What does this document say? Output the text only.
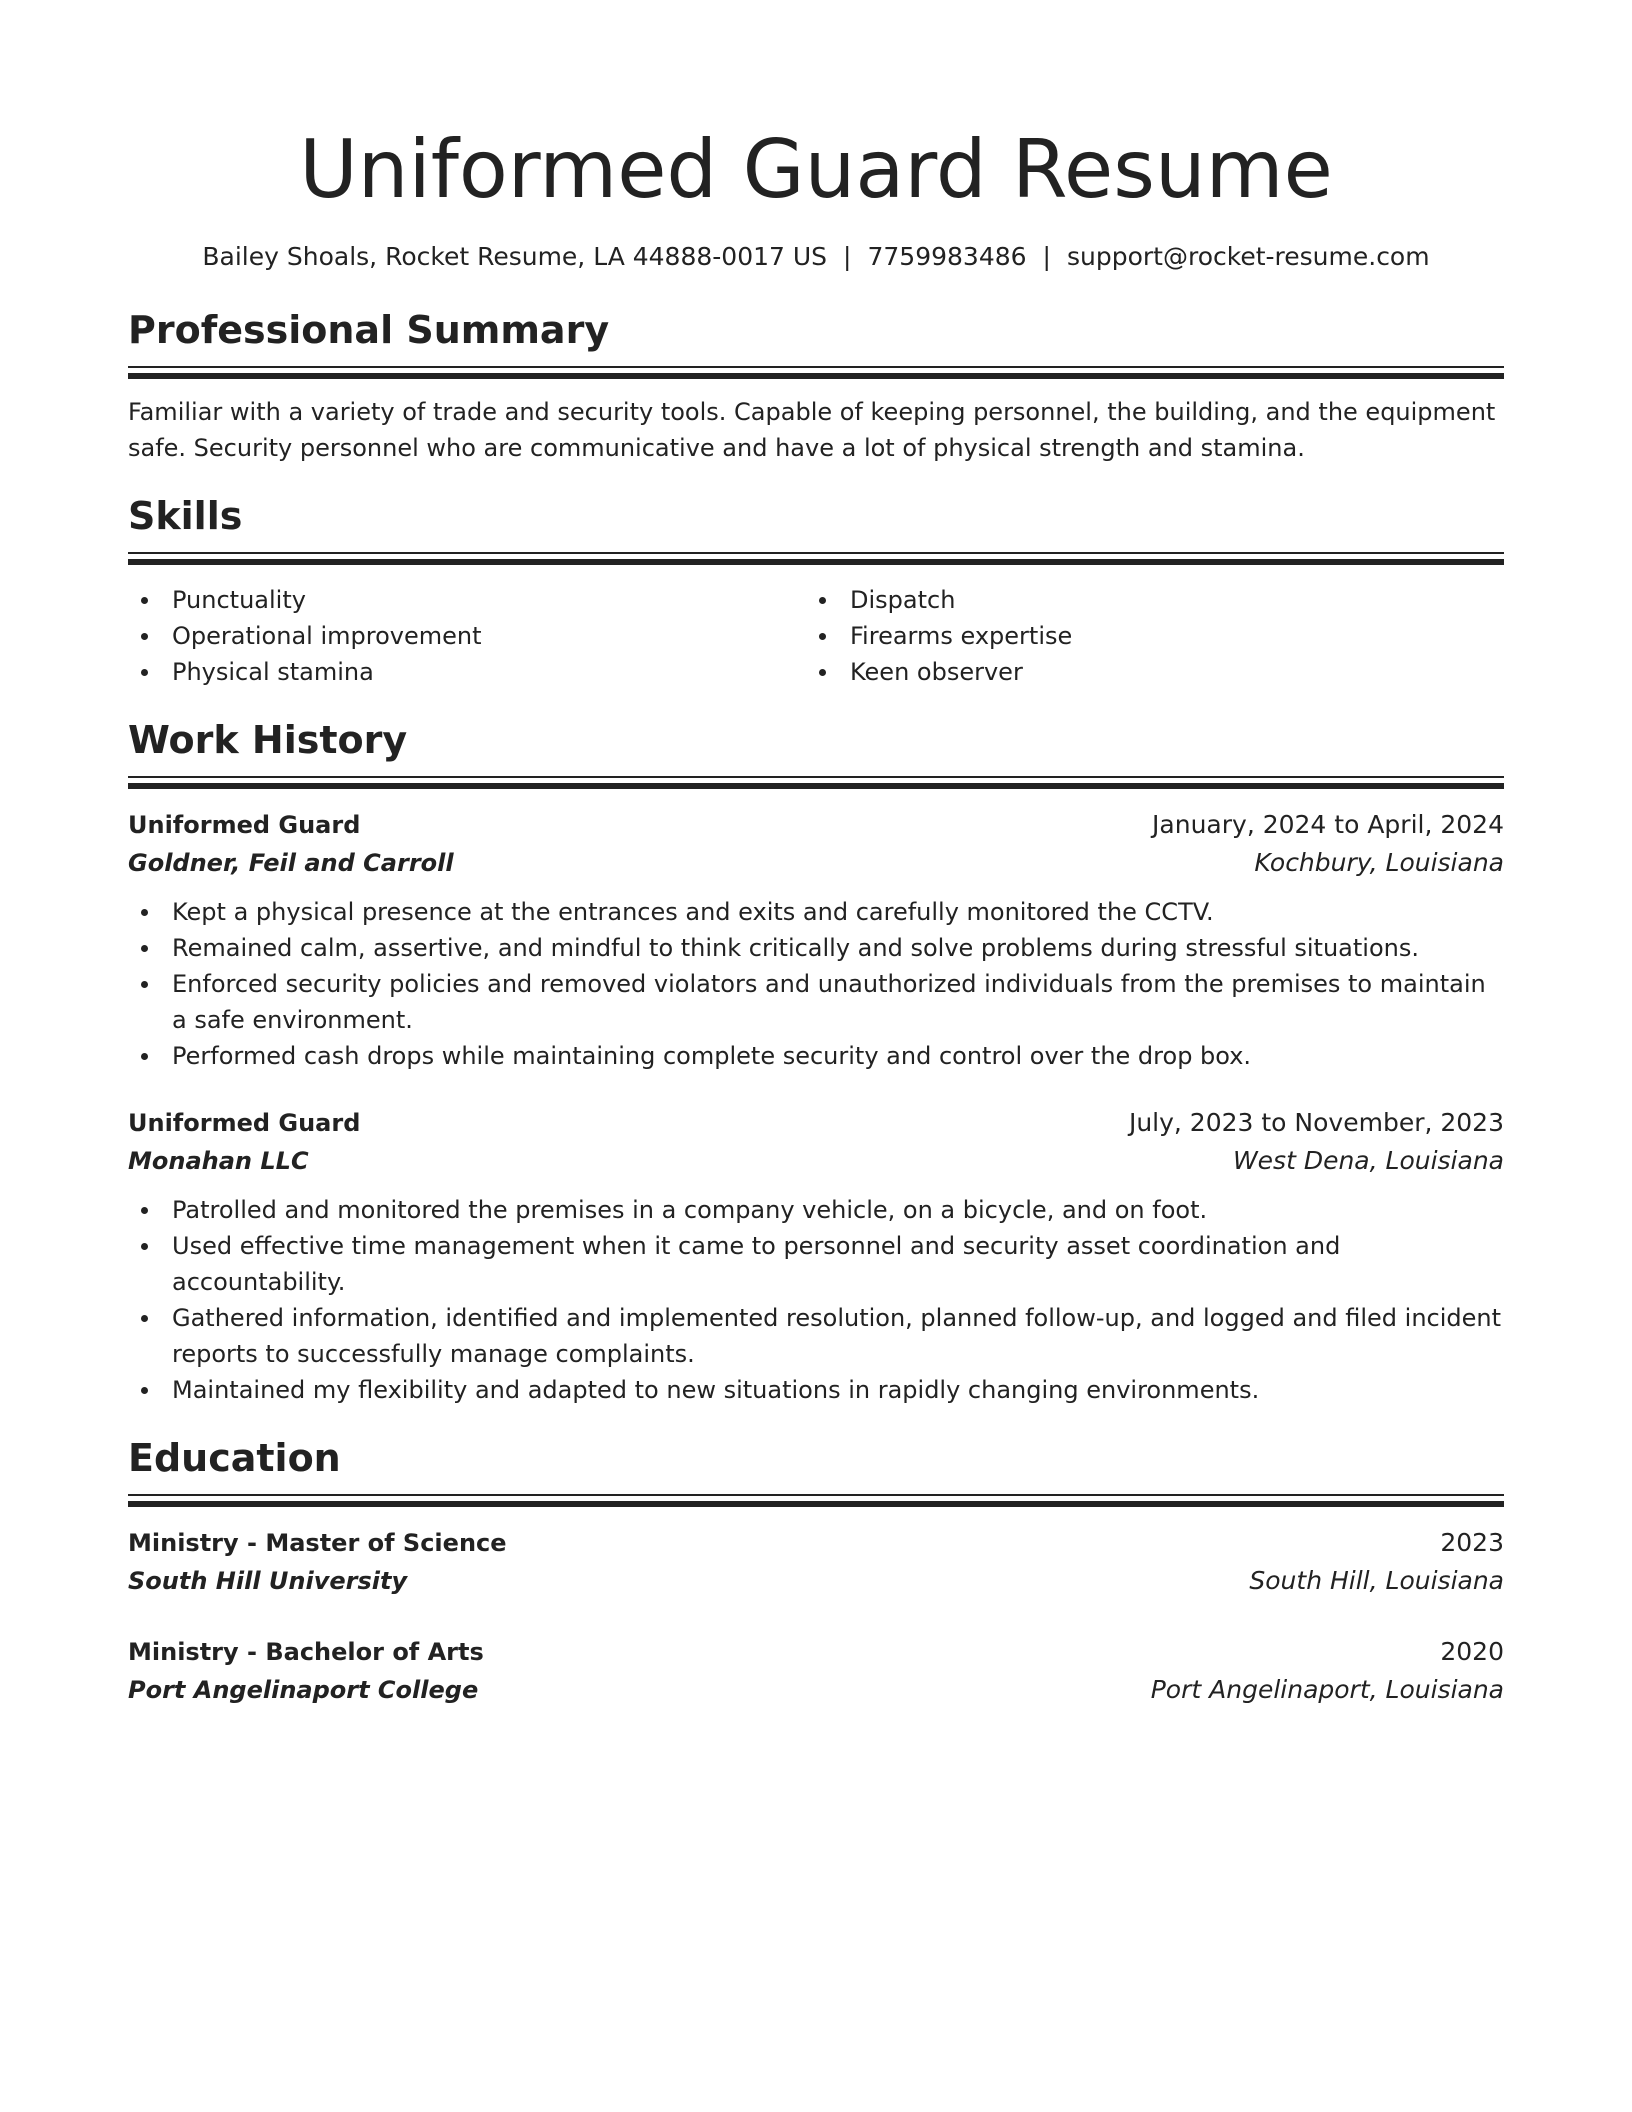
Uniformed Guard Resume
Bailey Shoals, Rocket Resume, LA 44888-0017 US | 7759983486 | support@rocket-resume.com
Professional Summary

Familiar with a variety of trade and security tools. Capable of keeping personnel, the building, and the equipment safe. Security personnel who are communicative and have a lot of physical strength and stamina.

Skills
Punctuality
Operational improvement
Physical stamina
Dispatch
Firearms expertise
Keen observer
Work History
Uniformed Guard	January, 2024 to April, 2024
Goldner, Feil and Carroll	Kochbury, Louisiana
Kept a physical presence at the entrances and exits and carefully monitored the CCTV.
Remained calm, assertive, and mindful to think critically and solve problems during stressful situations.
Enforced security policies and removed violators and unauthorized individuals from the premises to maintain a safe environment.
Performed cash drops while maintaining complete security and control over the drop box.
Uniformed Guard	July, 2023 to November, 2023
Monahan LLC	West Dena, Louisiana
Patrolled and monitored the premises in a company vehicle, on a bicycle, and on foot.
Used effective time management when it came to personnel and security asset coordination and accountability.
Gathered information, identified and implemented resolution, planned follow-up, and logged and filed incident reports to successfully manage complaints.
Maintained my flexibility and adapted to new situations in rapidly changing environments.
Education
Ministry - Master of Science	2023
South Hill University	South Hill, Louisiana
Ministry - Bachelor of Arts	2020
Port Angelinaport College	Port Angelinaport, Louisiana
